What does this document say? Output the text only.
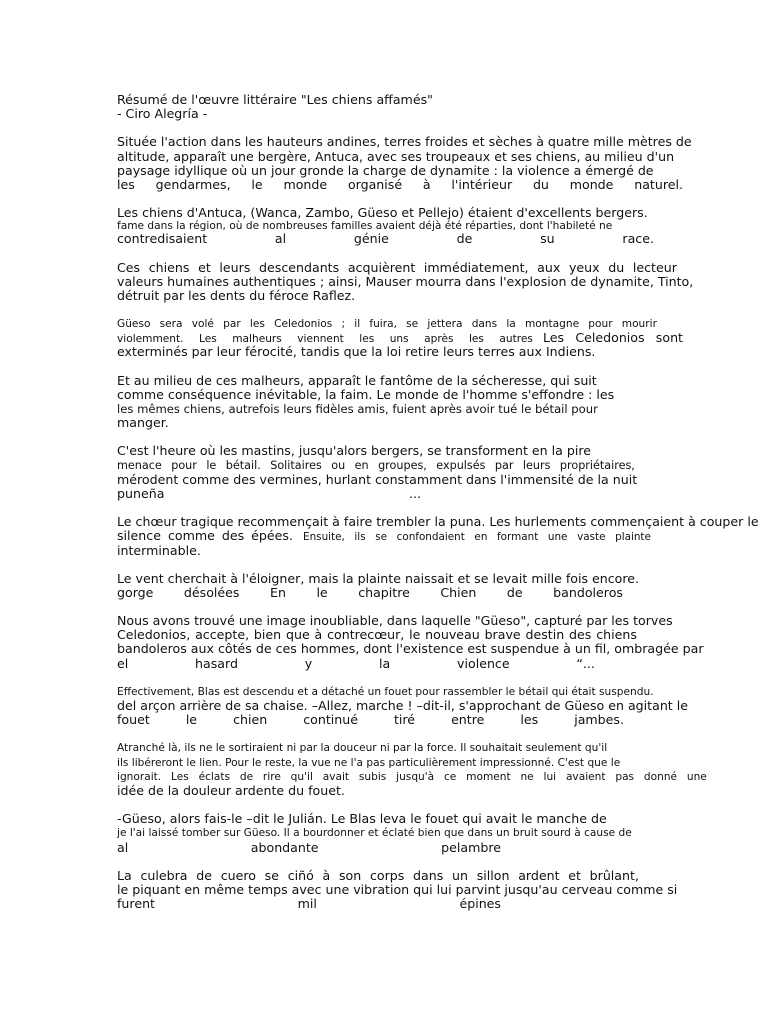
Résumé de l'œuvre littéraire "Les chiens affamés"
- Ciro Alegría -
Située l'action dans les hauteurs andines, terres froides et sèches à quatre mille mètres de
altitude, apparaît une bergère, Antuca, avec ses troupeaux et ses chiens, au milieu d'un
paysage idyllique où un jour gronde la charge de dynamite : la violence a émergé de
les gendarmes, le monde organisé à l'intérieur du monde naturel.
Les chiens d'Antuca, (Wanca, Zambo, Güeso et Pellejo) étaient d'excellents bergers.
fame dans la région, où de nombreuses familles avaient déjà été réparties, dont l'habileté ne
contredisaient	al	génie	de	su	race.
Ces chiens et leurs descendants acquièrent immédiatement, aux yeux du lecteur
valeurs humaines authentiques ; ainsi, Mauser mourra dans l'explosion de dynamite, Tinto,
détruit par les dents du féroce Raflez.
Güeso sera volé par les Celedonios ; il fuira, se jettera dans la montagne pour mourir
violemment. Les malheurs viennent les uns après les autres Les Celedonios sont
exterminés par leur férocité, tandis que la loi retire leurs terres aux Indiens.
Et au milieu de ces malheurs, apparaît le fantôme de la sécheresse, qui suit
comme conséquence inévitable, la faim. Le monde de l'homme s'effondre : les
les mêmes chiens, autrefois leurs fidèles amis, fuient après avoir tué le bétail pour
manger.
C'est l'heure où les mastins, jusqu'alors bergers, se transforment en la pire
menace pour le bétail. Solitaires ou en groupes, expulsés par leurs propriétaires,
mérodent comme des vermines, hurlant constamment dans l'immensité de la nuit
puneña	...
Le chœur tragique recommençait à faire trembler la puna. Les hurlements commençaient à couper le
silence comme des épées. Ensuite, ils se confondaient en formant une vaste plainte
interminable.
Le vent cherchait à l'éloigner, mais la plainte naissait et se levait mille fois encore.
gorge désolées En le chapitre Chien de bandoleros
Nous avons trouvé une image inoubliable, dans laquelle "Güeso", capturé par les torves
Celedonios, accepte, bien que à contrecœur, le nouveau brave destin des chiens
bandoleros aux côtés de ces hommes, dont l'existence est suspendue à un fil, ombragée par
el	hasard	y	la	violence	“...
Effectivement, Blas est descendu et a détaché un fouet pour rassembler le bétail qui était suspendu.
del arçon arrière de sa chaise. –Allez, marche ! –dit-il, s'approchant de Güeso en agitant le
fouet	le	chien	continué	tiré	entre	les	jambes.
Atranché là, ils ne le sortiraient ni par la douceur ni par la force. Il souhaitait seulement qu'il
ils libéreront le lien. Pour le reste, la vue ne l'a pas particulièrement impressionné. C'est que le
ignorait. Les éclats de rire qu'il avait subis jusqu'à ce moment ne lui avaient pas donné une
idée de la douleur ardente du fouet.
-Güeso, alors fais-le –dit le Julián. Le Blas leva le fouet qui avait le manche de
je l'ai laissé tomber sur Güeso. Il a bourdonner et éclaté bien que dans un bruit sourd à cause de
al	abondante	pelambre
La culebra de cuero se ciñó à son corps dans un sillon ardent et brûlant,
le piquant en même temps avec une vibration qui lui parvint jusqu'au cerveau comme si
furent	mil	épines
